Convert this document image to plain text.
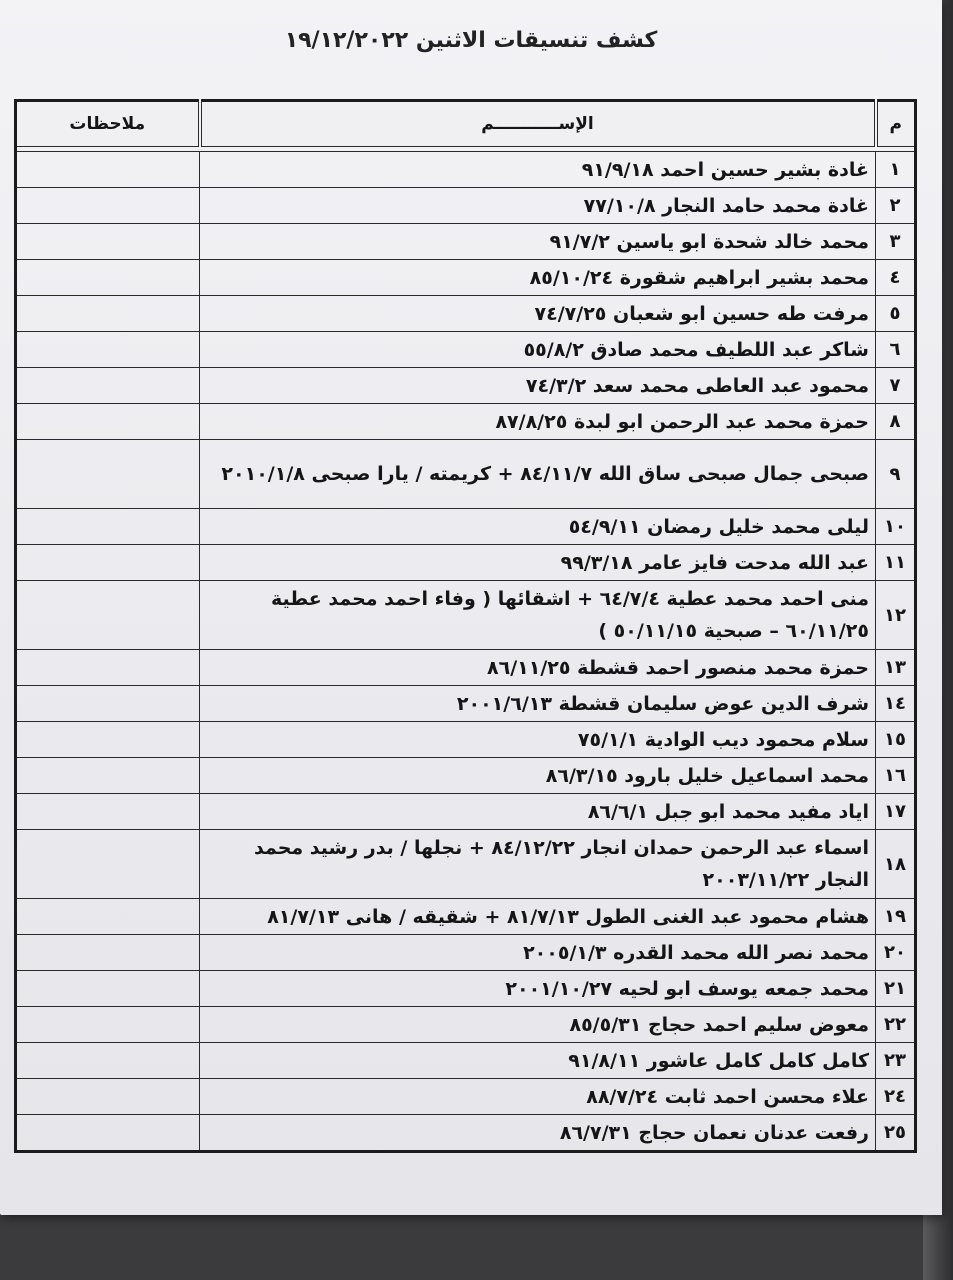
كشف تنسيقات الاثنين ١٩/١٢/٢٠٢٢
م	الإســـــــــــم	ملاحظات

١	غادة بشير حسين احمد ٩١/٩/١٨	
٢	غادة محمد حامد النجار ٧٧/١٠/٨	
٣	محمد خالد شحدة ابو ياسين ٩١/٧/٢	
٤	محمد بشير ابراهيم شقورة ٨٥/١٠/٢٤	
٥	مرفت طه حسين ابو شعبان ٧٤/٧/٢٥	
٦	شاكر عبد اللطيف محمد صادق ٥٥/٨/٢	
٧	محمود عبد العاطى محمد سعد ٧٤/٣/٢	
٨	حمزة محمد عبد الرحمن ابو لبدة ٨٧/٨/٢٥	
٩	صبحى جمال صبحى ساق الله ٨٤/١١/٧ + كريمته / يارا صبحى ٢٠١٠/١/٨	
١٠	ليلى محمد خليل رمضان ٥٤/٩/١١	
١١	عبد الله مدحت فايز عامر ٩٩/٣/١٨	
١٢	منى احمد محمد عطية ٦٤/٧/٤ + اشقائها ( وفاء احمد محمد عطية ٦٠/١١/٢٥ – صبحية ٥٠/١١/١٥ )	
١٣	حمزة محمد منصور احمد قشطة ٨٦/١١/٢٥	
١٤	شرف الدين عوض سليمان قشطة ٢٠٠١/٦/١٣	
١٥	سلام محمود ديب الوادية ٧٥/١/١	
١٦	محمد اسماعيل خليل بارود ٨٦/٣/١٥	
١٧	اياد مفيد محمد ابو جبل ٨٦/٦/١	
١٨	اسماء عبد الرحمن حمدان انجار ٨٤/١٢/٢٢ + نجلها / بدر رشيد محمد النجار ٢٠٠٣/١١/٢٢	
١٩	هشام محمود عبد الغنى الطول ٨١/٧/١٣ + شقيقه / هانى ٨١/٧/١٣	
٢٠	محمد نصر الله محمد القدره ٢٠٠٥/١/٣	
٢١	محمد جمعه يوسف ابو لحيه ٢٠٠١/١٠/٢٧	
٢٢	معوض سليم احمد حجاج ٨٥/٥/٣١	
٢٣	كامل كامل كامل عاشور ٩١/٨/١١	
٢٤	علاء محسن احمد ثابت ٨٨/٧/٢٤	
٢٥	رفعت عدنان نعمان حجاج ٨٦/٧/٣١	
